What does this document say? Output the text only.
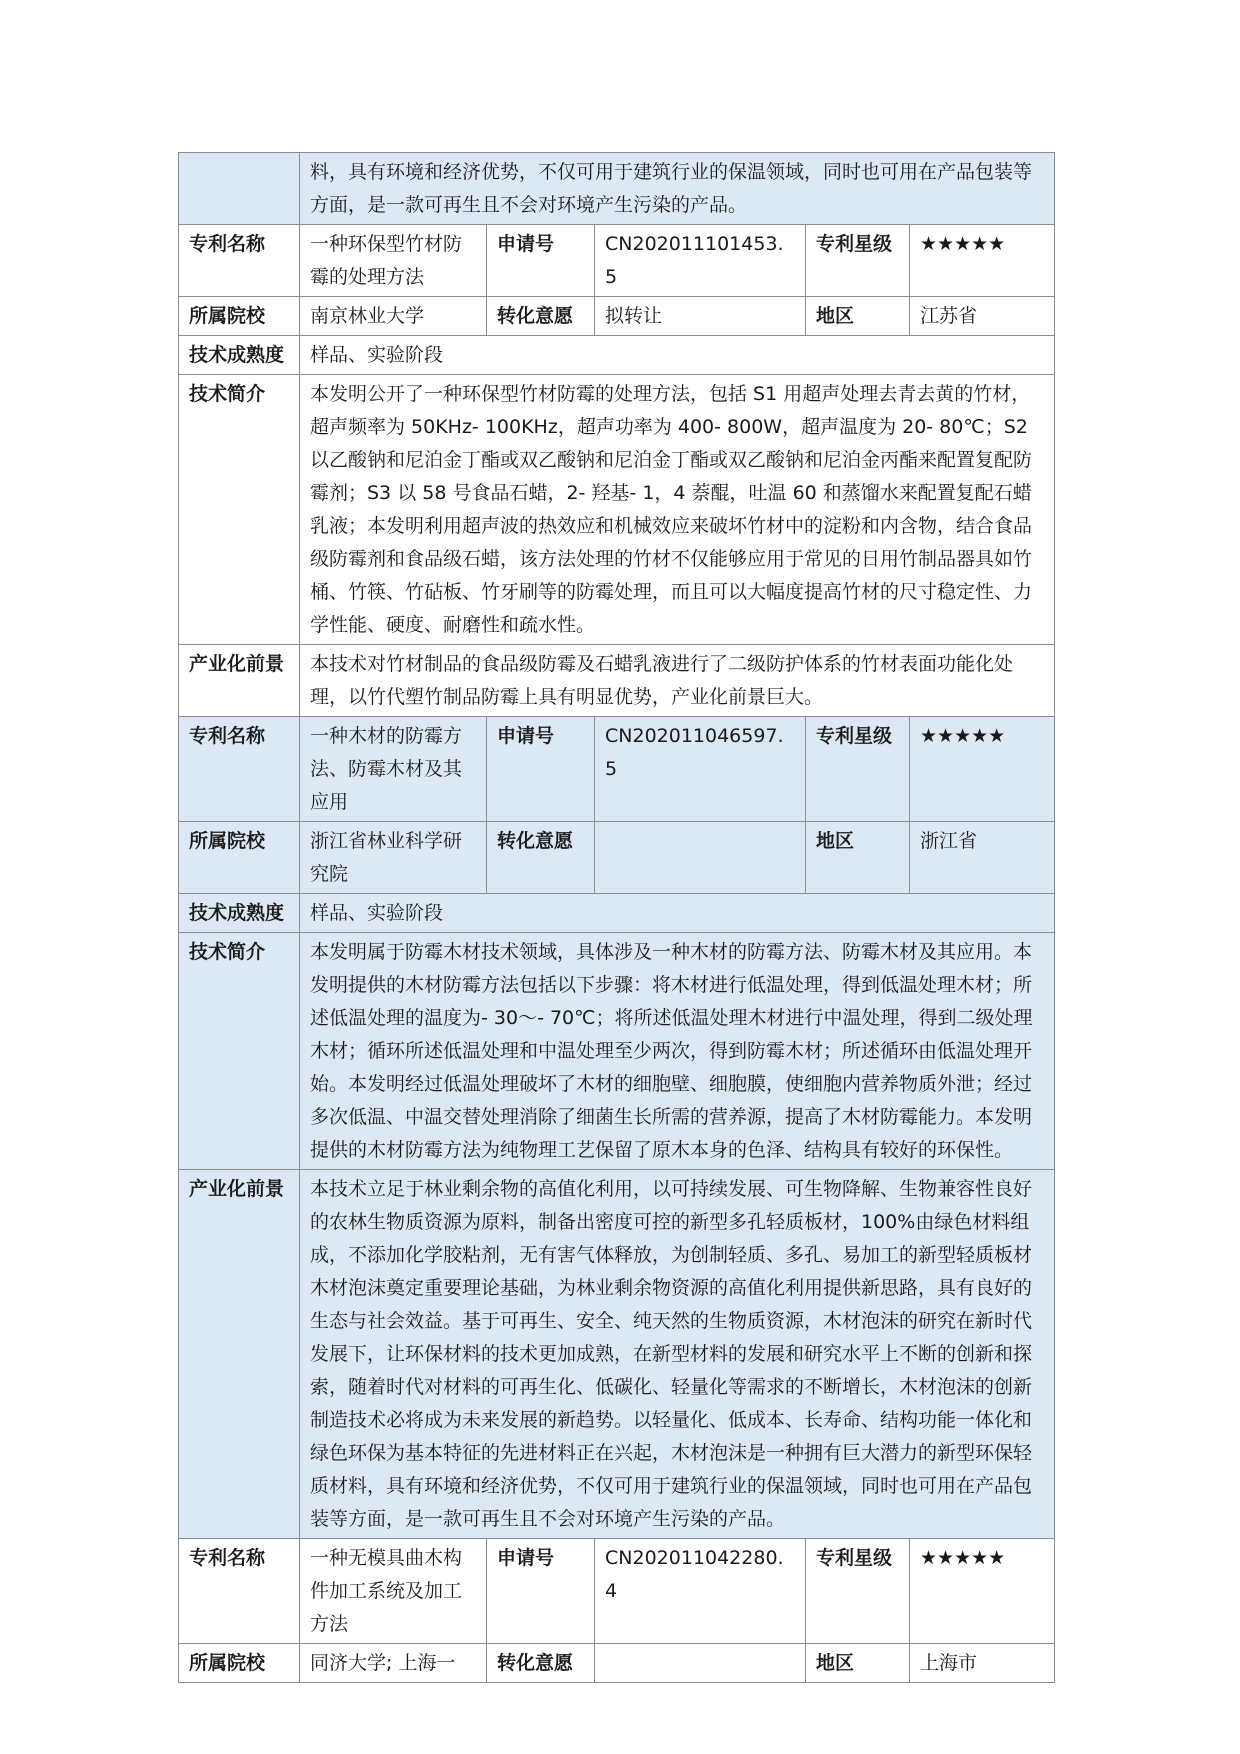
	料，具有环境和经济优势，不仅可用于建筑行业的保温领域，同时也可用在产品包装等方面，是一款可再生且不会对环境产生污染的产品。				
专利名称	一种环保型竹材防霉的处理方法	申请号	CN202011101453.5	专利星级	★★★★★
所属院校	南京林业大学	转化意愿	拟转让	地区	江苏省
技术成熟度	样品、实验阶段				
技术简介	本发明公开了一种环保型竹材防霉的处理方法，包括 S1 用超声处理去青去黄的竹材，超声频率为 50KHz- 100KHz，超声功率为 400- 800W，超声温度为 20- 80℃；S2 以乙酸钠和尼泊金丁酯或双乙酸钠和尼泊金丁酯或双乙酸钠和尼泊金丙酯来配置复配防霉剂；S3 以 58 号食品石蜡，2- 羟基- 1，4 萘醌，吐温 60 和蒸馏水来配置复配石蜡乳液；本发明利用超声波的热效应和机械效应来破坏竹材中的淀粉和内含物，结合食品级防霉剂和食品级石蜡，该方法处理的竹材不仅能够应用于常见的日用竹制品器具如竹桶、竹筷、竹砧板、竹牙刷等的防霉处理，而且可以大幅度提高竹材的尺寸稳定性、力学性能、硬度、耐磨性和疏水性。				
产业化前景	本技术对竹材制品的食品级防霉及石蜡乳液进行了二级防护体系的竹材表面功能化处理，以竹代塑竹制品防霉上具有明显优势，产业化前景巨大。				
专利名称	一种木材的防霉方法、防霉木材及其应用	申请号	CN202011046597.5	专利星级	★★★★★
所属院校	浙江省林业科学研究院	转化意愿		地区	浙江省
技术成熟度	样品、实验阶段				
技术简介	本发明属于防霉木材技术领域，具体涉及一种木材的防霉方法、防霉木材及其应用。本发明提供的木材防霉方法包括以下步骤：将木材进行低温处理，得到低温处理木材；所述低温处理的温度为- 30～- 70℃；将所述低温处理木材进行中温处理，得到二级处理木材；循环所述低温处理和中温处理至少两次，得到防霉木材；所述循环由低温处理开始。本发明经过低温处理破坏了木材的细胞壁、细胞膜，使细胞内营养物质外泄；经过多次低温、中温交替处理消除了细菌生长所需的营养源，提高了木材防霉能力。本发明提供的木材防霉方法为纯物理工艺保留了原木本身的色泽、结构具有较好的环保性。				
产业化前景	本技术立足于林业剩余物的高值化利用，以可持续发展、可生物降解、生物兼容性良好的农林生物质资源为原料，制备出密度可控的新型多孔轻质板材，100%由绿色材料组成，不添加化学胶粘剂，无有害气体释放，为创制轻质、多孔、易加工的新型轻质板材木材泡沫奠定重要理论基础，为林业剩余物资源的高值化利用提供新思路，具有良好的生态与社会效益。基于可再生、安全、纯天然的生物质资源，木材泡沫的研究在新时代发展下，让环保材料的技术更加成熟，在新型材料的发展和研究水平上不断的创新和探索，随着时代对材料的可再生化、低碳化、轻量化等需求的不断增长，木材泡沫的创新制造技术必将成为未来发展的新趋势。以轻量化、低成本、长寿命、结构功能一体化和绿色环保为基本特征的先进材料正在兴起，木材泡沫是一种拥有巨大潜力的新型环保轻质材料，具有环境和经济优势，不仅可用于建筑行业的保温领域，同时也可用在产品包装等方面，是一款可再生且不会对环境产生污染的产品。				
专利名称	一种无模具曲木构件加工系统及加工方法	申请号	CN202011042280.4	专利星级	★★★★★
所属院校	同济大学; 上海一	转化意愿		地区	上海市
